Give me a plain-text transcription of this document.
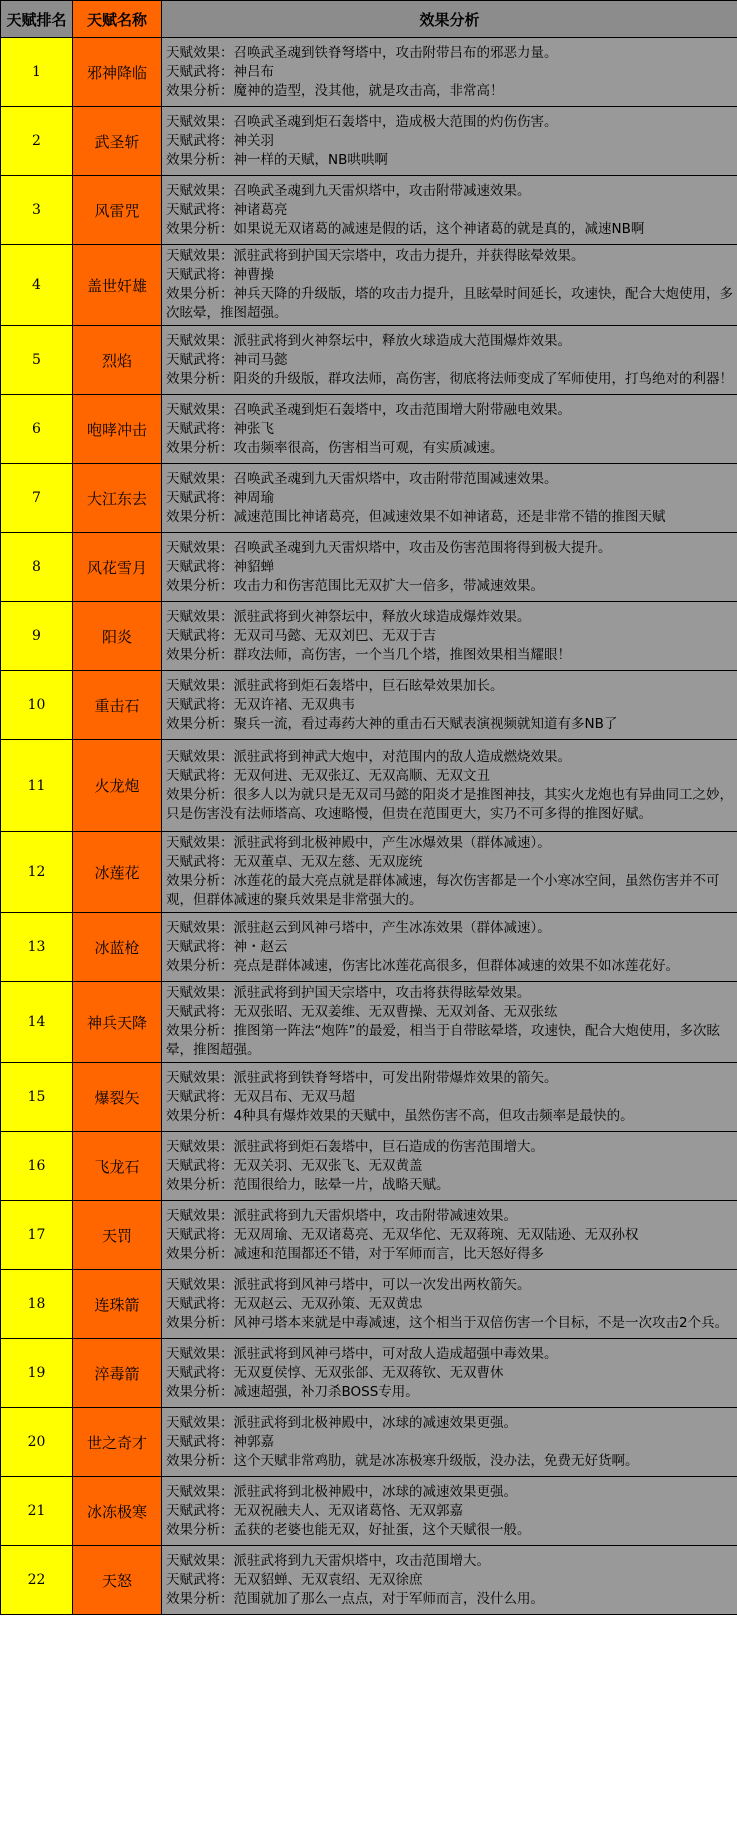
天赋排名	天赋名称	效果分析
1	邪神降临	天赋效果：召唤武圣魂到铁脊弩塔中，攻击附带吕布的邪恶力量。
天赋武将：神吕布
效果分析：魔神的造型，没其他，就是攻击高，非常高！

2	武圣斩	天赋效果：召唤武圣魂到炬石轰塔中，造成极大范围的灼伤伤害。
天赋武将：神关羽
效果分析：神一样的天赋，NB哄哄啊

3	风雷咒	天赋效果：召唤武圣魂到九天雷炽塔中，攻击附带减速效果。
天赋武将：神诸葛亮
效果分析：如果说无双诸葛的减速是假的话，这个神诸葛的就是真的，减速NB啊

4	盖世奸雄	天赋效果：派驻武将到护国天宗塔中，攻击力提升，并获得眩晕效果。
天赋武将：神曹操
效果分析：神兵天降的升级版，塔的攻击力提升，且眩晕时间延长，攻速快，配合大炮使用，多次眩晕，推图超强。

5	烈焰	天赋效果：派驻武将到火神祭坛中，释放火球造成大范围爆炸效果。
天赋武将：神司马懿
效果分析：阳炎的升级版，群攻法师，高伤害，彻底将法师变成了军师使用，打鸟绝对的利器！

6	咆哮冲击	天赋效果：召唤武圣魂到炬石轰塔中，攻击范围增大附带融电效果。
天赋武将：神张飞
效果分析：攻击频率很高，伤害相当可观，有实质减速。

7	大江东去	天赋效果：召唤武圣魂到九天雷炽塔中，攻击附带范围减速效果。
天赋武将：神周瑜
效果分析：减速范围比神诸葛亮，但减速效果不如神诸葛，还是非常不错的推图天赋

8	风花雪月	天赋效果：召唤武圣魂到九天雷炽塔中，攻击及伤害范围将得到极大提升。
天赋武将：神貂蝉
效果分析：攻击力和伤害范围比无双扩大一倍多，带减速效果。

9	阳炎	天赋效果：派驻武将到火神祭坛中，释放火球造成爆炸效果。
天赋武将：无双司马懿、无双刘巴、无双于吉
效果分析：群攻法师，高伤害，一个当几个塔，推图效果相当耀眼！

10	重击石	天赋效果：派驻武将到炬石轰塔中，巨石眩晕效果加长。
天赋武将：无双许褚、无双典韦
效果分析：聚兵一流，看过毒药大神的重击石天赋表演视频就知道有多NB了

11	火龙炮	天赋效果：派驻武将到神武大炮中，对范围内的敌人造成燃烧效果。
天赋武将：无双何进、无双张辽、无双高顺、无双文丑
效果分析：很多人以为就只是无双司马懿的阳炎才是推图神技，其实火龙炮也有异曲同工之妙，只是伤害没有法师塔高、攻速略慢，但贵在范围更大，实乃不可多得的推图好赋。

12	冰莲花	天赋效果：派驻武将到北极神殿中，产生冰爆效果（群体减速）。
天赋武将：无双董卓、无双左慈、无双庞统
效果分析：冰莲花的最大亮点就是群体减速，每次伤害都是一个小寒冰空间，虽然伤害并不可观，但群体减速的聚兵效果是非常强大的。

13	冰蓝枪	天赋效果：派驻赵云到风神弓塔中，产生冰冻效果（群体减速）。
天赋武将：神・赵云
效果分析：亮点是群体减速，伤害比冰莲花高很多，但群体减速的效果不如冰莲花好。

14	神兵天降	天赋效果：派驻武将到护国天宗塔中，攻击将获得眩晕效果。
天赋武将：无双张昭、无双姜维、无双曹操、无双刘备、无双张纮
效果分析：推图第一阵法“炮阵”的最爱，相当于自带眩晕塔，攻速快，配合大炮使用，多次眩晕，推图超强。

15	爆裂矢	天赋效果：派驻武将到铁脊弩塔中，可发出附带爆炸效果的箭矢。
天赋武将：无双吕布、无双马超
效果分析：4种具有爆炸效果的天赋中，虽然伤害不高，但攻击频率是最快的。

16	飞龙石	天赋效果：派驻武将到炬石轰塔中，巨石造成的伤害范围增大。
天赋武将：无双关羽、无双张飞、无双黄盖
效果分析：范围很给力，眩晕一片，战略天赋。

17	天罚	天赋效果：派驻武将到九天雷炽塔中，攻击附带减速效果。
天赋武将：无双周瑜、无双诸葛亮、无双华佗、无双蒋琬、无双陆逊、无双孙权
效果分析：减速和范围都还不错，对于军师而言，比天怒好得多

18	连珠箭	天赋效果：派驻武将到风神弓塔中，可以一次发出两枚箭矢。
天赋武将：无双赵云、无双孙策、无双黄忠
效果分析：风神弓塔本来就是中毒减速，这个相当于双倍伤害一个目标，不是一次攻击2个兵。

19	淬毒箭	天赋效果：派驻武将到风神弓塔中，可对敌人造成超强中毒效果。
天赋武将：无双夏侯惇、无双张郃、无双蒋钦、无双曹休
效果分析：减速超强，补刀杀BOSS专用。

20	世之奇才	天赋效果：派驻武将到北极神殿中，冰球的减速效果更强。
天赋武将：神郭嘉
效果分析：这个天赋非常鸡肋，就是冰冻极寒升级版，没办法，免费无好货啊。

21	冰冻极寒	天赋效果：派驻武将到北极神殿中，冰球的减速效果更强。
天赋武将：无双祝融夫人、无双诸葛恪、无双郭嘉
效果分析：孟获的老婆也能无双，好扯蛋，这个天赋很一般。

22	天怒	天赋效果：派驻武将到九天雷炽塔中，攻击范围增大。
天赋武将：无双貂蝉、无双袁绍、无双徐庶
效果分析：范围就加了那么一点点，对于军师而言，没什么用。
